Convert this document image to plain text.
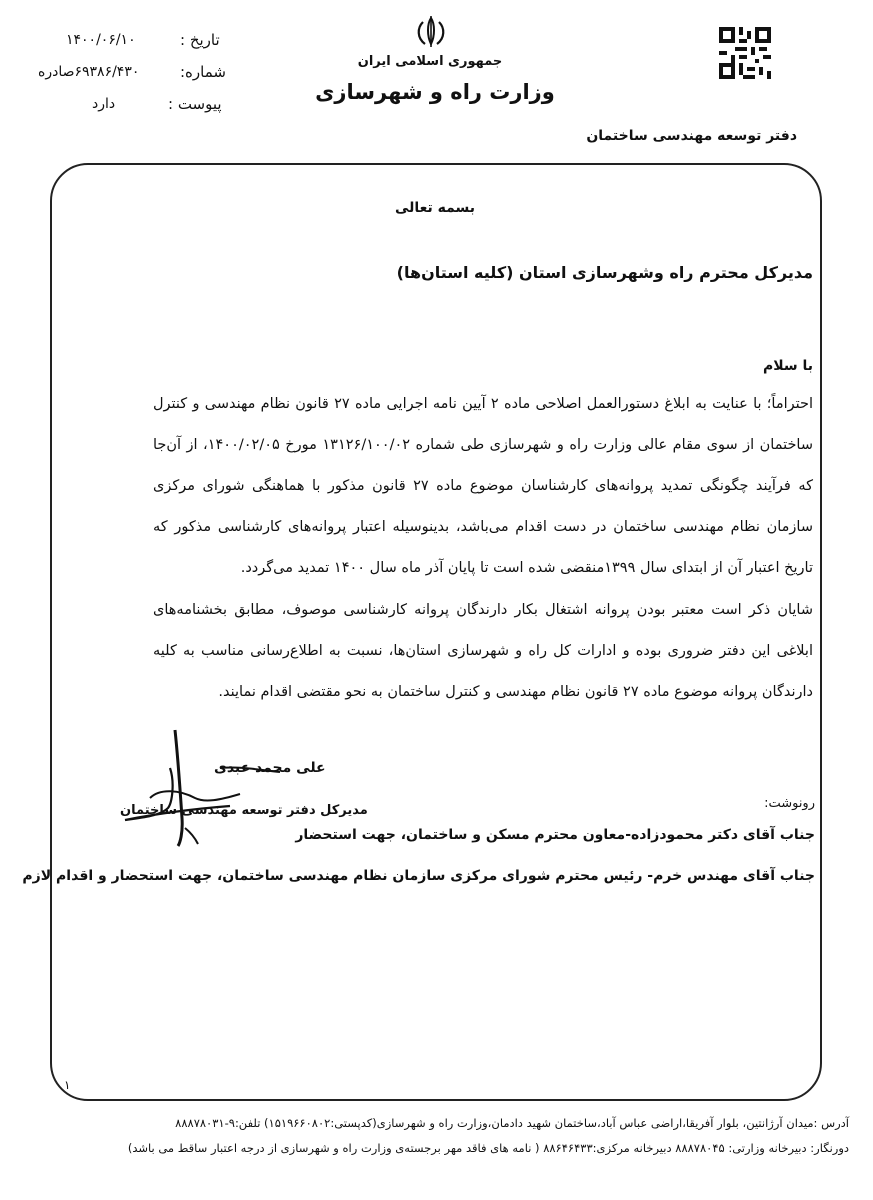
تاریخ :
۱۴۰۰/۰۶/۱۰
شماره:
۶۹۳۸۶/۴۳۰صادره
پیوست :
دارد
جمهوری اسلامی ایران
وزارت راه و شهرسازی
دفتر توسعه مهندسی ساختمان
بسمه تعالی
مدیرکل محترم راه وشهرسازی استان (کلیه استان‌ها)
با سلام
احتراماً؛ با عنایت به ابلاغ دستورالعمل اصلاحی ماده ۲ آیین نامه اجرایی ماده ۲۷ قانون نظام مهندسی و کنترل ساختمان از سوی مقام عالی وزارت راه و شهرسازی طی شماره ۱۳۱۲۶/۱۰۰/۰۲ مورخ ۱۴۰۰/۰۲/۰۵، از آن‌جا که فرآیند چگونگی تمدید پروانه‌های کارشناسان موضوع ماده ۲۷ قانون مذکور با هماهنگی شورای مرکزی سازمان نظام مهندسی ساختمان در دست اقدام می‌باشد، بدینوسیله اعتبار پروانه‌های کارشناسی مذکور که تاریخ اعتبار آن از ابتدای سال ۱۳۹۹منقضی شده است تا پایان آذر ماه سال ۱۴۰۰ تمدید می‌گردد.
شایان ذکر است معتبر بودن پروانه اشتغال بکار دارندگان پروانه کارشناسی موصوف، مطابق بخشنامه‌های ابلاغی این دفتر ضروری بوده و ادارات کل راه و شهرسازی استان‌ها، نسبت به اطلاع‌رسانی مناسب به کلیه دارندگان پروانه موضوع ماده ۲۷ قانون نظام مهندسی و کنترل ساختمان به نحو مقتضی اقدام نمایند.
علی محمد عبدی
مدیرکل دفتر توسعه مهندسی ساختمان	رونوشت:
جناب آقای دکتر محمودزاده-معاون محترم مسکن و ساختمان، جهت استحضار
جناب آقای مهندس خرم- رئیس محترم شورای مرکزی سازمان نظام مهندسی ساختمان، جهت استحضار و اقدام لازم
۱
آدرس :میدان آرژانتین، بلوار آفریقا،اراضی عباس آباد،ساختمان شهید دادمان،وزارت راه و شهرسازی(کدپستی:۱۵۱۹۶۶۰۸۰۲) تلفن:۹-۸۸۸۷۸۰۳۱
دورنگار: دبیرخانه وزارتی: ۸۸۸۷۸۰۴۵ دبیرخانه مرکزی:۸۸۶۴۶۴۳۳ ( نامه های فاقد مهر برجسته‌ی وزارت راه و شهرسازی از درجه اعتبار ساقط می باشد)
